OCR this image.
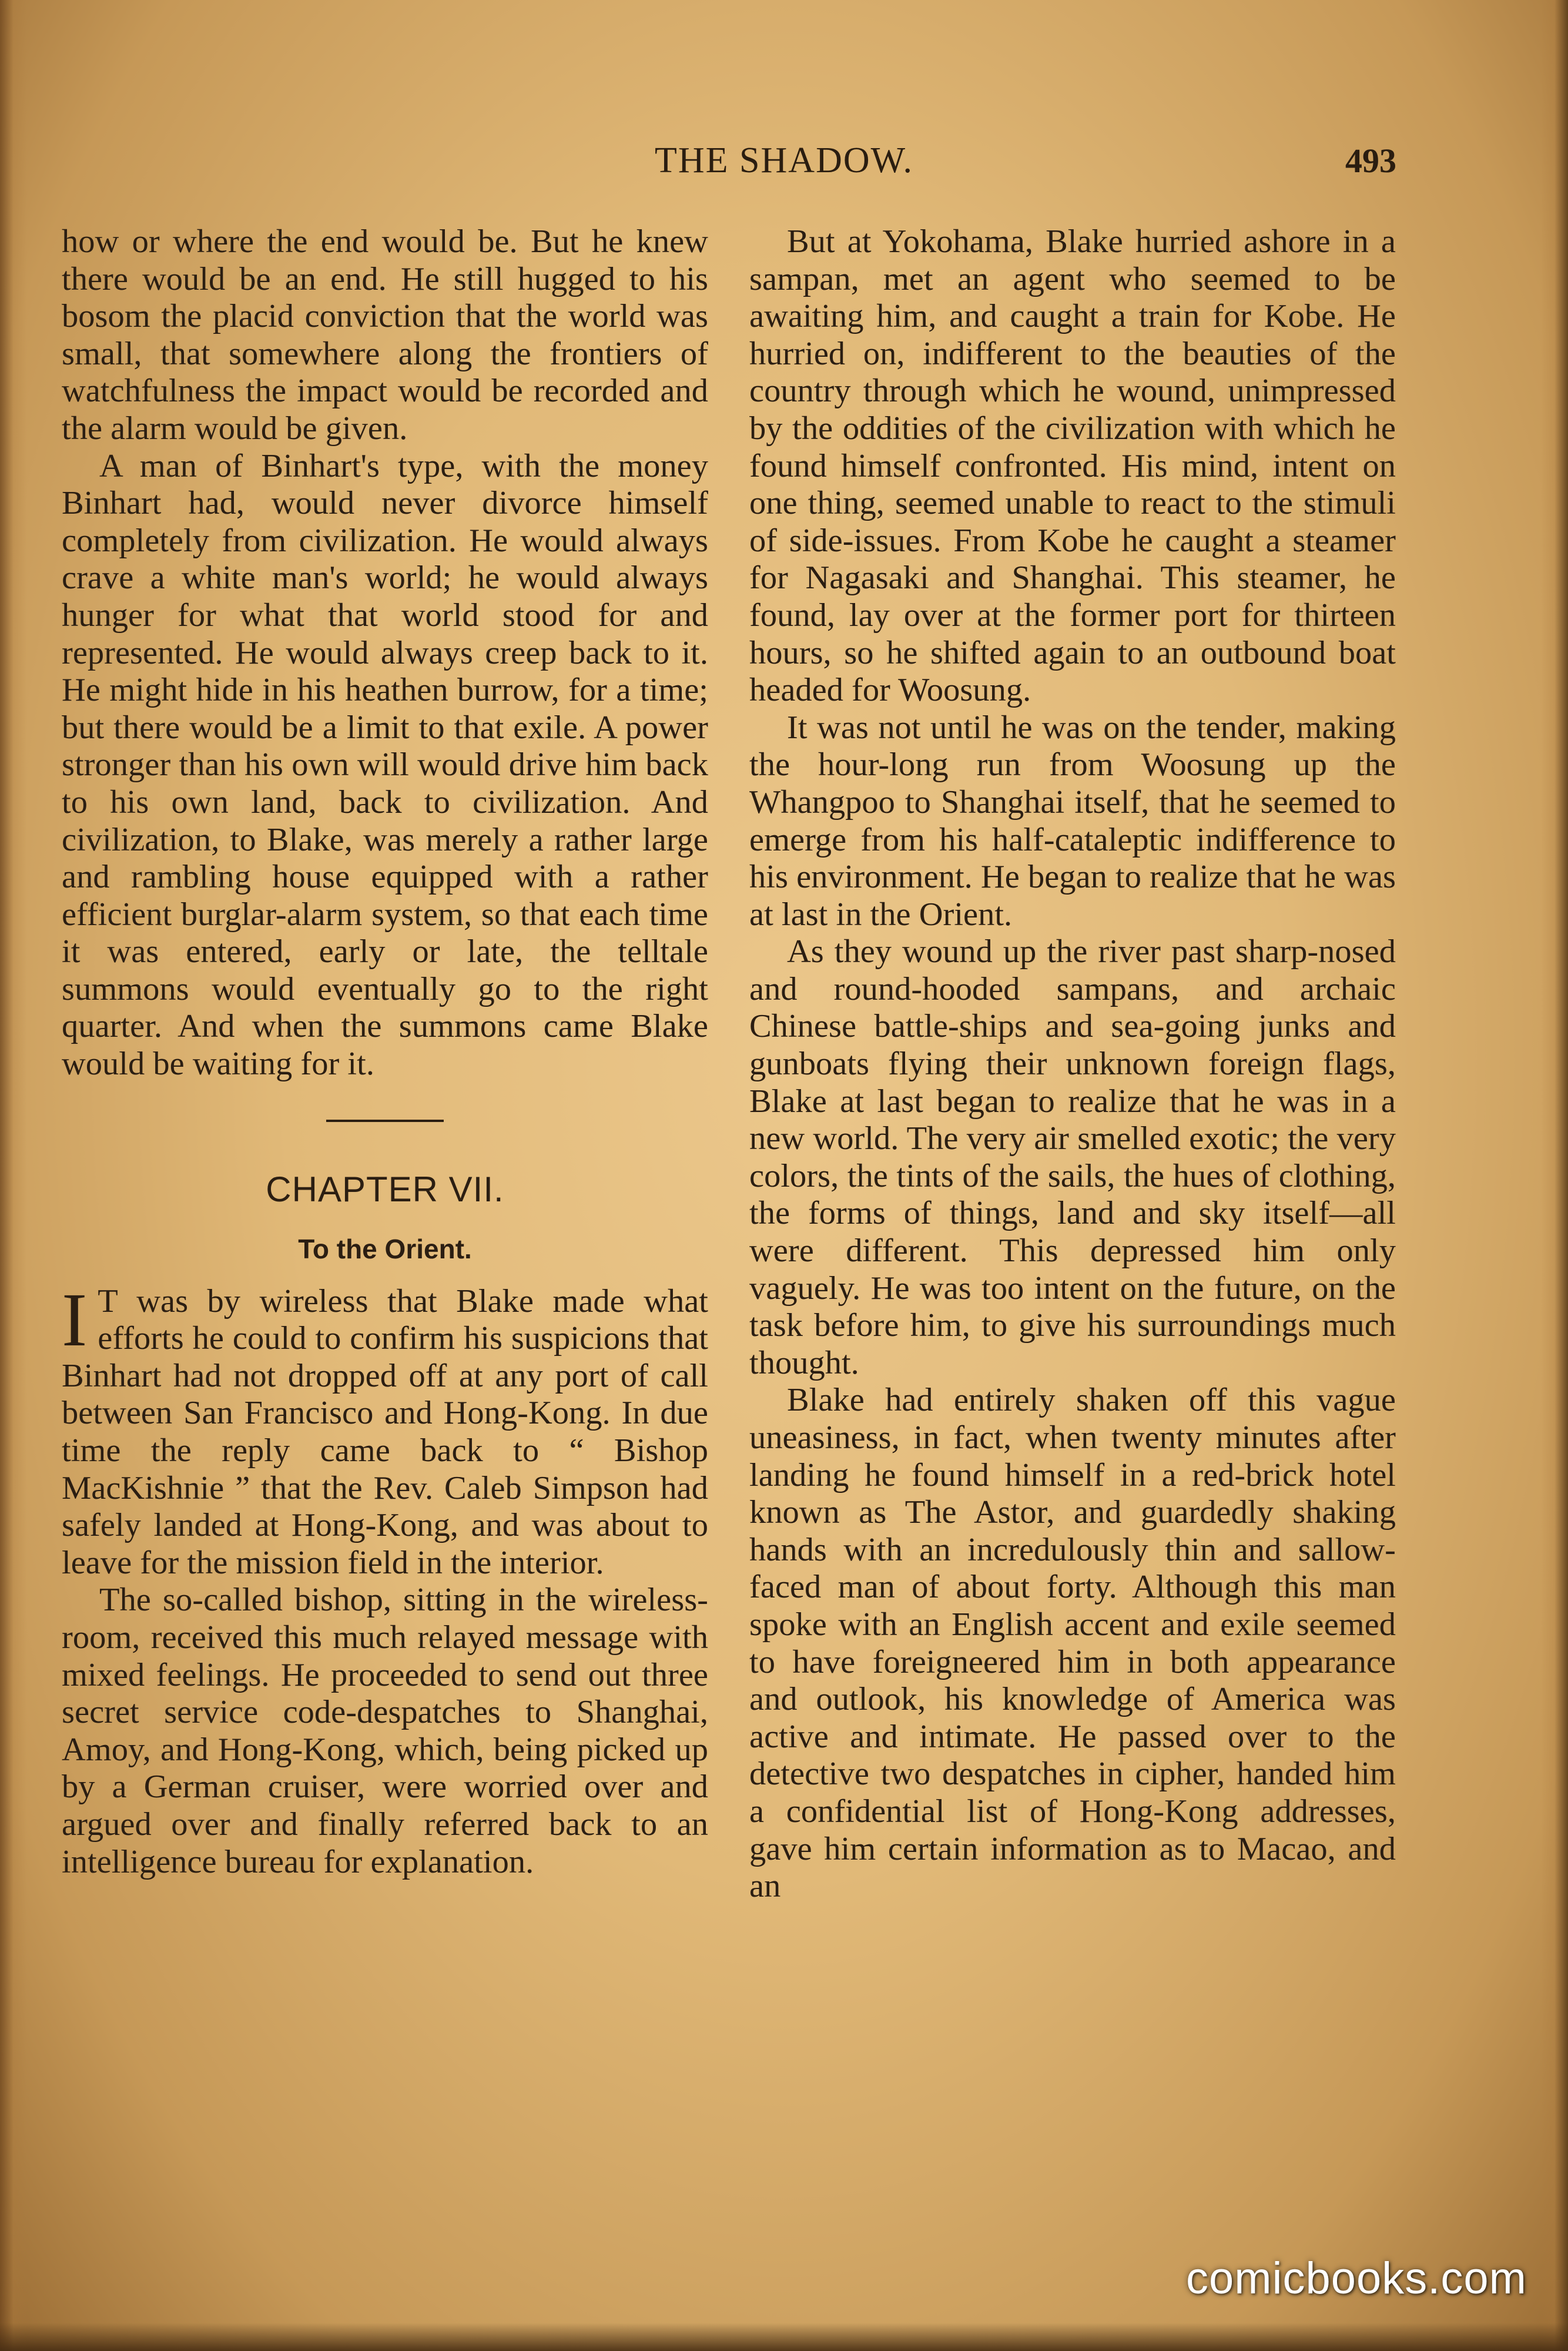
THE SHADOW.	493

how or where the end would be. But he knew there would be an end. He still hugged to his bosom the placid conviction that the world was small, that somewhere along the frontiers of watchfulness the impact would be recorded and the alarm would be given.

A man of Binhart's type, with the money Binhart had, would never divorce himself completely from civilization. He would always crave a white man's world; he would always hunger for what that world stood for and represented. He would always creep back to it. He might hide in his heathen burrow, for a time; but there would be a limit to that exile. A power stronger than his own will would drive him back to his own land, back to civilization. And civilization, to Blake, was merely a rather large and rambling house equipped with a rather efficient burglar-alarm system, so that each time it was entered, early or late, the telltale summons would eventually go to the right quarter. And when the summons came Blake would be waiting for it.

CHAPTER VII.
To the Orient.

I T was by wireless that Blake made what efforts he could to confirm his suspicions that Binhart had not dropped off at any port of call between San Francisco and Hong-Kong. In due time the reply came back to “ Bishop MacKishnie ” that the Rev. Caleb Simpson had safely landed at Hong-Kong, and was about to leave for the mission field in the interior.

The so-called bishop, sitting in the wireless-room, received this much relayed message with mixed feelings. He proceeded to send out three secret service code-despatches to Shanghai, Amoy, and Hong-Kong, which, being picked up by a German cruiser, were worried over and argued over and finally referred back to an intelligence bureau for explanation.

But at Yokohama, Blake hurried ashore in a sampan, met an agent who seemed to be awaiting him, and caught a train for Kobe. He hurried on, indifferent to the beauties of the country through which he wound, unimpressed by the oddities of the civilization with which he found himself confronted. His mind, intent on one thing, seemed unable to react to the stimuli of side-issues. From Kobe he caught a steamer for Nagasaki and Shanghai. This steamer, he found, lay over at the former port for thirteen hours, so he shifted again to an outbound boat headed for Woosung.

It was not until he was on the tender, making the hour-long run from Woosung up the Whangpoo to Shanghai itself, that he seemed to emerge from his half-cataleptic indifference to his environment. He began to realize that he was at last in the Orient.

As they wound up the river past sharp-nosed and round-hooded sampans, and archaic Chinese battle-ships and sea-going junks and gunboats flying their unknown foreign flags, Blake at last began to realize that he was in a new world. The very air smelled exotic; the very colors, the tints of the sails, the hues of clothing, the forms of things, land and sky itself—all were different. This depressed him only vaguely. He was too intent on the future, on the task before him, to give his surroundings much thought.

Blake had entirely shaken off this vague uneasiness, in fact, when twenty minutes after landing he found himself in a red-brick hotel known as The Astor, and guardedly shaking hands with an incredulously thin and sallow-faced man of about forty. Although this man spoke with an English accent and exile seemed to have foreigneered him in both appearance and outlook, his knowledge of America was active and intimate. He passed over to the detective two despatches in cipher, handed him a confidential list of Hong-Kong addresses, gave him certain information as to Macao, and an

comicbooks.com
